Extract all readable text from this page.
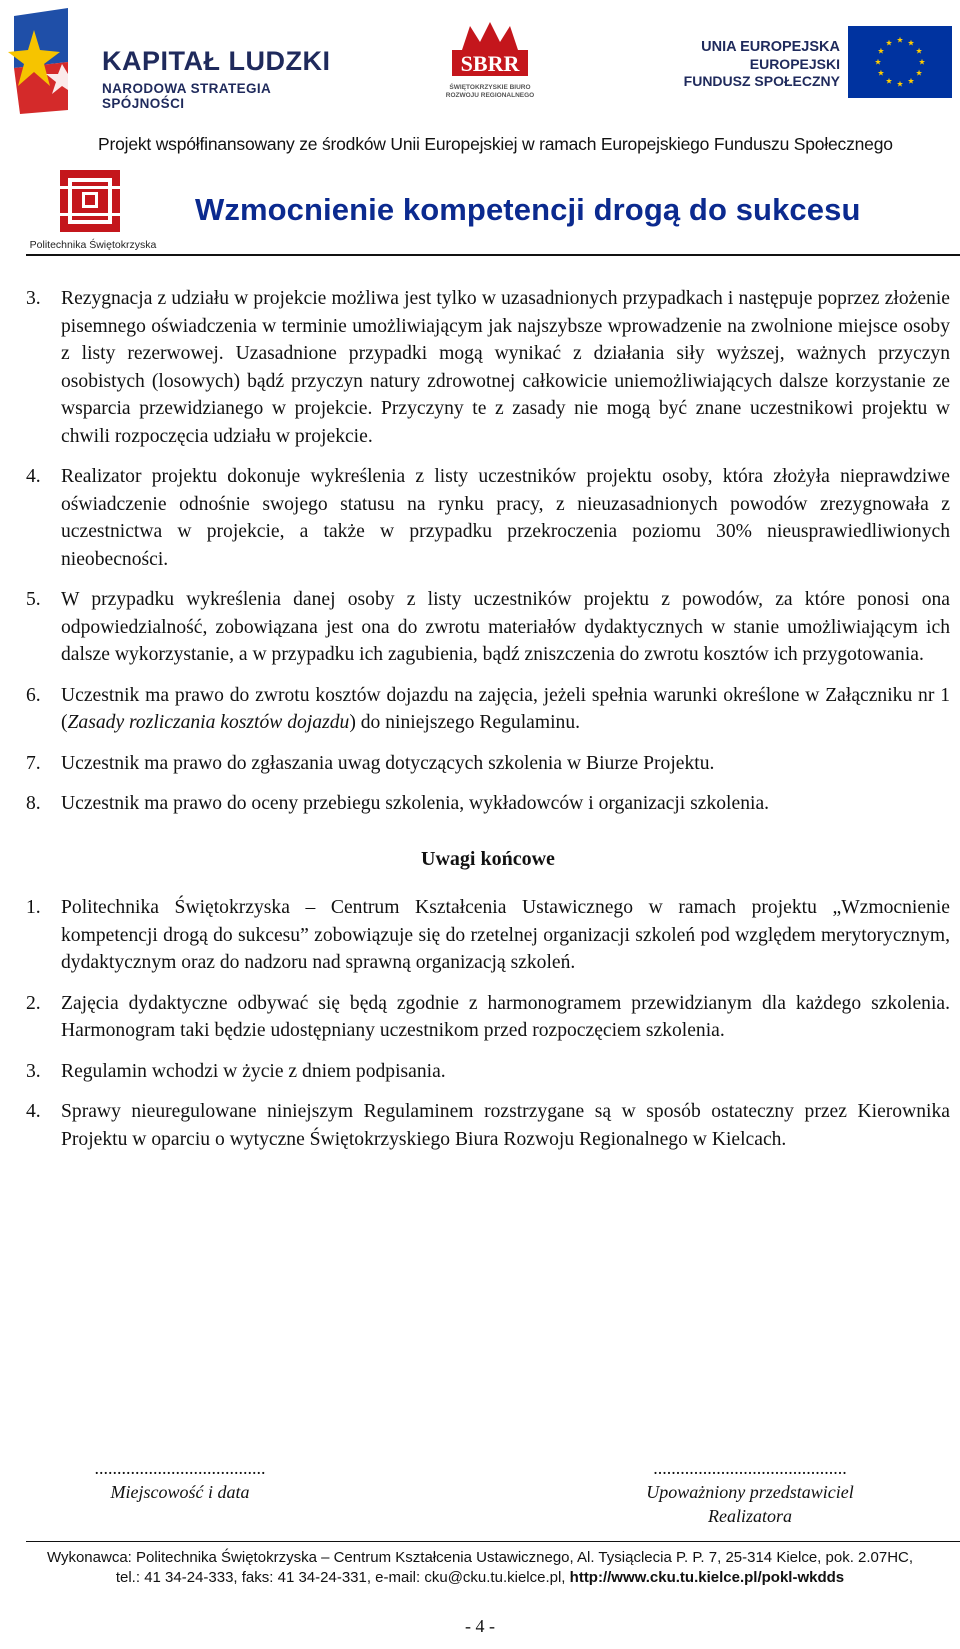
KAPITAŁ LUDZKI
NARODOWA STRATEGIA SPÓJNOŚCI
SBRR
ŚWIĘTOKRZYSKIE BIURO
ROZWOJU REGIONALNEGO
UNIA EUROPEJSKA
EUROPEJSKI
FUNDUSZ SPOŁECZNY
Projekt współfinansowany ze środków Unii Europejskiej w ramach Europejskiego Funduszu Społecznego
Politechnika Świętokrzyska
Wzmocnienie kompetencji drogą do sukcesu

3. Rezygnacja z udziału w projekcie możliwa jest tylko w uzasadnionych przypadkach i następuje poprzez złożenie pisemnego oświadczenia w terminie umożliwiającym jak najszybsze wprowadzenie na zwolnione miejsce osoby z listy rezerwowej. Uzasadnione przypadki mogą wynikać z działania siły wyższej, ważnych przyczyn osobistych (losowych) bądź przyczyn natury zdrowotnej całkowicie uniemożliwiających dalsze korzystanie ze wsparcia przewidzianego w projekcie. Przyczyny te z zasady nie mogą być znane uczestnikowi projektu w chwili rozpoczęcia udziału w projekcie.

4. Realizator projektu dokonuje wykreślenia z listy uczestników projektu osoby, która złożyła nieprawdziwe oświadczenie odnośnie swojego statusu na rynku pracy, z nieuzasadnionych powodów zrezygnowała z uczestnictwa w projekcie, a także w przypadku przekroczenia poziomu 30% nieusprawiedliwionych nieobecności.

5. W przypadku wykreślenia danej osoby z listy uczestników projektu z powodów, za które ponosi ona odpowiedzialność, zobowiązana jest ona do zwrotu materiałów dydaktycznych w stanie umożliwiającym ich dalsze wykorzystanie, a w przypadku ich zagubienia, bądź zniszczenia do zwrotu kosztów ich przygotowania.

6. Uczestnik ma prawo do zwrotu kosztów dojazdu na zajęcia, jeżeli spełnia warunki określone w Załączniku nr 1 (Zasady rozliczania kosztów dojazdu) do niniejszego Regulaminu.

7. Uczestnik ma prawo do zgłaszania uwag dotyczących szkolenia w Biurze Projektu.

8. Uczestnik ma prawo do oceny przebiegu szkolenia, wykładowców i organizacji szkolenia.

Uwagi końcowe

1. Politechnika Świętokrzyska – Centrum Kształcenia Ustawicznego w ramach projektu „Wzmocnienie kompetencji drogą do sukcesu” zobowiązuje się do rzetelnej organizacji szkoleń pod względem merytorycznym, dydaktycznym oraz do nadzoru nad sprawną organizacją szkoleń.

2. Zajęcia dydaktyczne odbywać się będą zgodnie z harmonogramem przewidzianym dla każdego szkolenia. Harmonogram taki będzie udostępniany uczestnikom przed rozpoczęciem szkolenia.

3. Regulamin wchodzi w życie z dniem podpisania.

4. Sprawy nieuregulowane niniejszym Regulaminem rozstrzygane są w sposób ostateczny przez Kierownika Projektu w oparciu o wytyczne Świętokrzyskiego Biura Rozwoju Regionalnego w Kielcach.

......................................
Miejscowość i data
...........................................
Upoważniony przedstawiciel
Realizatora
Wykonawca: Politechnika Świętokrzyska – Centrum Kształcenia Ustawicznego, Al. Tysiąclecia P. P. 7, 25-314 Kielce, pok. 2.07HC,
tel.: 41 34-24-333, faks: 41 34-24-331, e-mail: cku@cku.tu.kielce.pl, http://www.cku.tu.kielce.pl/pokl-wkdds
- 4 -
